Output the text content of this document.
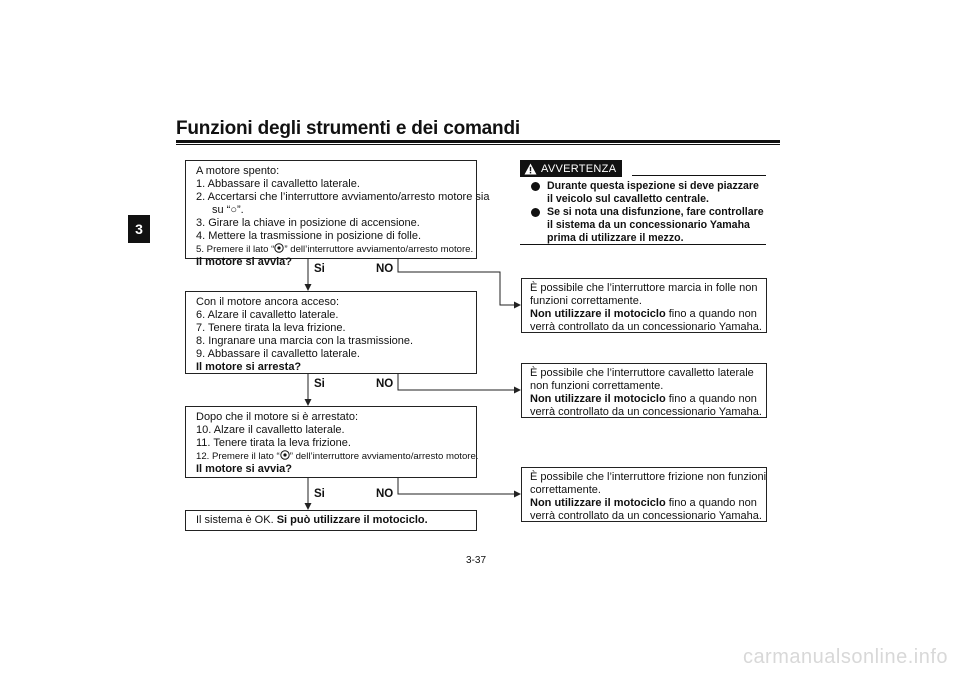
Funzioni degli strumenti e dei comandi
3
A motore spento:
1. Abbassare il cavalletto laterale.
2. Accertarsi che l’interruttore avviamento/arresto motore sia
su “○”.
3. Girare la chiave in posizione di accensione.
4. Mettere la trasmissione in posizione di folle.
5. Premere il lato “ ” dell’interruttore avviamento/arresto motore.
Il motore si avvia?
Si	NO
Con il motore ancora acceso:
6. Alzare il cavalletto laterale.
7. Tenere tirata la leva frizione.
8. Ingranare una marcia con la trasmissione.
9. Abbassare il cavalletto laterale.
Il motore si arresta?
Si	NO
Dopo che il motore si è arrestato:
10. Alzare il cavalletto laterale.
11. Tenere tirata la leva frizione.
12. Premere il lato “ ” dell’interruttore avviamento/arresto motore.
Il motore si avvia?
Si	NO
Il sistema è OK. Si può utilizzare il motociclo.
È possibile che l’interruttore marcia in folle non
funzioni correttamente.
Non utilizzare il motociclo fino a quando non
verrà controllato da un concessionario Yamaha.
È possibile che l’interruttore cavalletto laterale
non funzioni correttamente.
Non utilizzare il motociclo fino a quando non
verrà controllato da un concessionario Yamaha.
È possibile che l’interruttore frizione non funzioni
correttamente.
Non utilizzare il motociclo fino a quando non
verrà controllato da un concessionario Yamaha.
AVVERTENZA
Durante questa ispezione si deve piazzare
il veicolo sul cavalletto centrale.
Se si nota una disfunzione, fare controllare
il sistema da un concessionario Yamaha
prima di utilizzare il mezzo.
3-37
carmanualsonline.info
